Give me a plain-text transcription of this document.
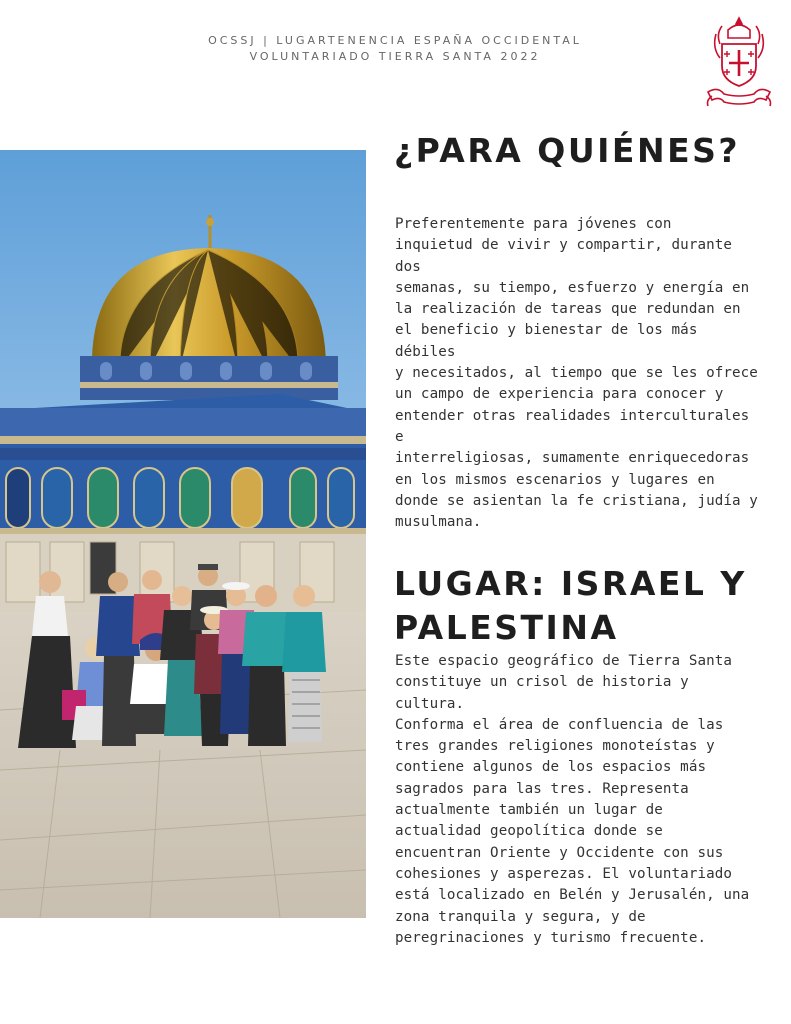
OCSSJ | LUGARTENENCIA ESPAÑA OCCIDENTAL
VOLUNTARIADO TIERRA SANTA 2022
¿PARA QUIÉNES?
Preferentemente para jóvenes con
inquietud de vivir y compartir, durante dos
semanas, su tiempo, esfuerzo y energía en
la realización de tareas que redundan en
el beneficio y bienestar de los más débiles
y necesitados, al tiempo que se les ofrece
un campo de experiencia para conocer y
entender otras realidades interculturales e
interreligiosas, sumamente enriquecedoras
en los mismos escenarios y lugares en
donde se asientan la fe cristiana, judía y
musulmana.
LUGAR: ISRAEL Y PALESTINA
Este espacio geográfico de Tierra Santa
constituye un crisol de historia y cultura.
Conforma el área de confluencia de las
tres grandes religiones monoteístas y
contiene algunos de los espacios más
sagrados para las tres. Representa
actualmente también un lugar de
actualidad geopolítica donde se
encuentran Oriente y Occidente con sus
cohesiones y asperezas. El voluntariado
está localizado en Belén y Jerusalén, una
zona tranquila y segura, y de
peregrinaciones y turismo frecuente.
